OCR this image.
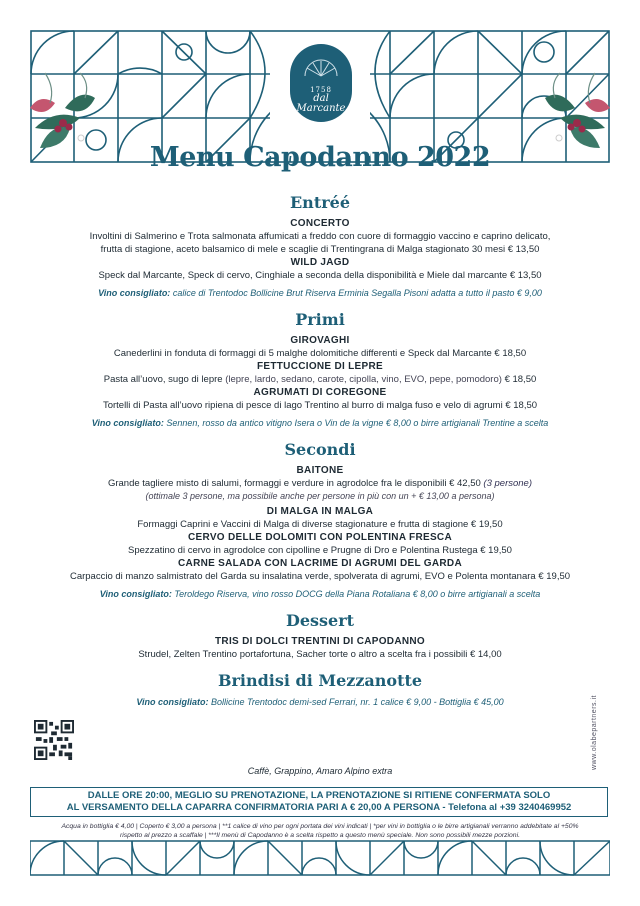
1758
dal
Marcante
Menu Capodanno 2022
Entréé
CONCERTO
Involtini di Salmerino e Trota salmonata affumicati a freddo con cuore di formaggio vaccino e caprino delicato,
frutta di stagione, aceto balsamico di mele e scaglie di Trentingrana di Malga stagionato 30 mesi € 13,50
WILD JAGD
Speck dal Marcante, Speck di cervo, Cinghiale a seconda della disponibilità e Miele dal marcante € 13,50
Vino consigliato: calice di Trentodoc Bollicine Brut Riserva Erminia Segalla Pisoni adatta a tutto il pasto € 9,00
Primi
GIROVAGHI
Canederlini in fonduta di formaggi di 5 malghe dolomitiche differenti e Speck dal Marcante € 18,50
FETTUCCIONE DI LEPRE
Pasta all’uovo, sugo di lepre (lepre, lardo, sedano, carote, cipolla, vino, EVO, pepe, pomodoro) € 18,50
AGRUMATI DI COREGONE
Tortelli di Pasta all’uovo ripiena di pesce di lago Trentino al burro di malga fuso e velo di agrumi € 18,50
Vino consigliato: Sennen, rosso da antico vitigno Isera o Vin de la vigne € 8,00 o birre artigianali Trentine a scelta
Secondi
BAITONE
Grande tagliere misto di salumi, formaggi e verdure in agrodolce fra le disponibili € 42,50 (3 persone)
(ottimale 3 persone, ma possibile anche per persone in più con un + € 13,00 a persona)
DI MALGA IN MALGA
Formaggi Caprini e Vaccini di Malga di diverse stagionature e frutta di stagione € 19,50
CERVO DELLE DOLOMITI CON POLENTINA FRESCA
Spezzatino di cervo in agrodolce con cipolline e Prugne di Dro e Polentina Rustega € 19,50
CARNE SALADA CON LACRIME DI AGRUMI DEL GARDA
Carpaccio di manzo salmistrato del Garda su insalatina verde, spolverata di agrumi, EVO e Polenta montanara € 19,50
Vino consigliato: Teroldego Riserva, vino rosso DOCG della Piana Rotaliana € 8,00 o birre artigianali a scelta
Dessert
TRIS DI DOLCI TRENTINI DI CAPODANNO
Strudel, Zelten Trentino portafortuna, Sacher torte o altro a scelta fra i possibili € 14,00
Brindisi di Mezzanotte
Vino consigliato: Bollicine Trentodoc demi-sed Ferrari, nr. 1 calice € 9,00 - Bottiglia € 45,00	www.olabepartners.it
Caffè, Grappino, Amaro Alpino extra
DALLE ORE 20:00, MEGLIO SU PRENOTAZIONE, LA PRENOTAZIONE SI RITIENE CONFERMATA SOLO
AL VERSAMENTO DELLA CAPARRA CONFIRMATORIA PARI A € 20,00 A PERSONA - Telefona al +39 3240469952
Acqua in bottiglia € 4,00 | Coperto € 3,00 a persona | **1 calice di vino per ogni portata dei vini indicati | *per vini in bottiglia o le birre artigianali verranno addebitate al +50%
rispetto al prezzo a scaffale | ***Il menù di Capodanno è a scelta rispetto a questo menù speciale. Non sono possibili mezze porzioni.
